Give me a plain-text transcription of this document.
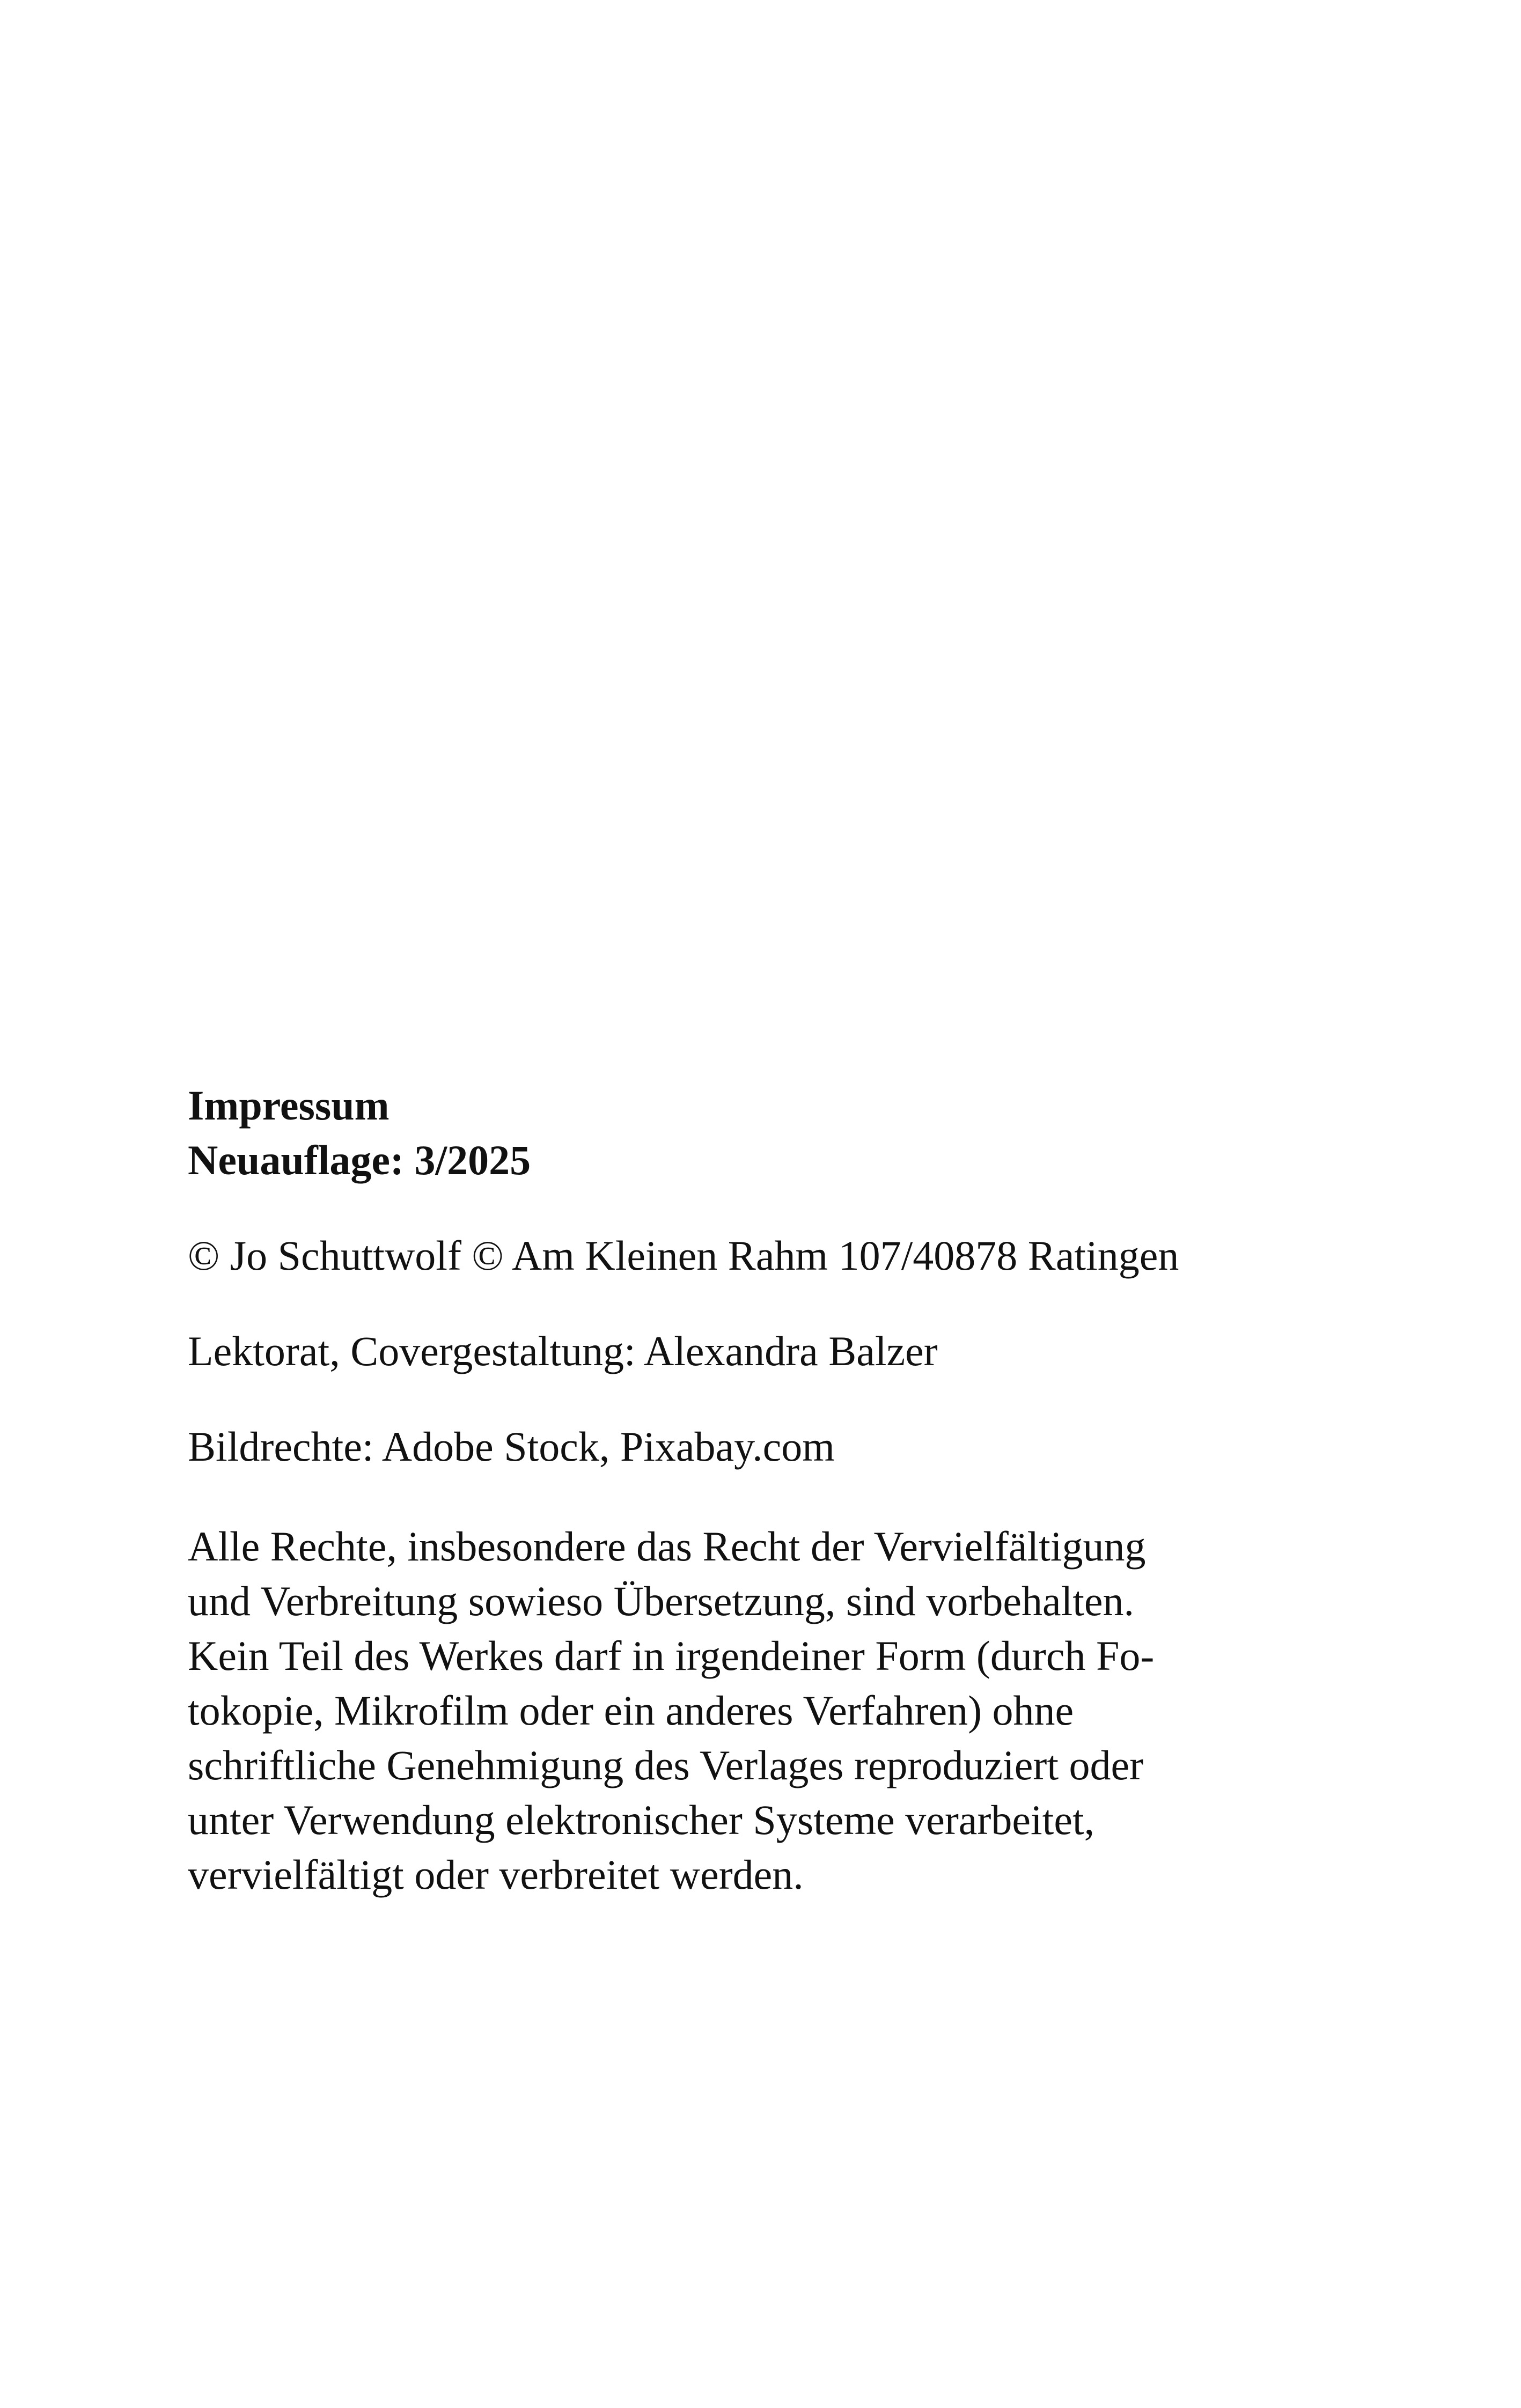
Impressum

Neuauflage: 3/2025

© Jo Schuttwolf © Am Kleinen Rahm 107/40878 Ratingen

Lektorat, Covergestaltung: Alexandra Balzer

Bildrechte: Adobe Stock, Pixabay.com

Alle Rechte, insbesondere das Recht der Vervielfältigung
und Verbreitung sowieso Übersetzung, sind vorbehalten.
Kein Teil des Werkes darf in irgendeiner Form (durch Fo-
tokopie, Mikrofilm oder ein anderes Verfahren) ohne
schriftliche Genehmigung des Verlages reproduziert oder
unter Verwendung elektronischer Systeme verarbeitet,
vervielfältigt oder verbreitet werden.
